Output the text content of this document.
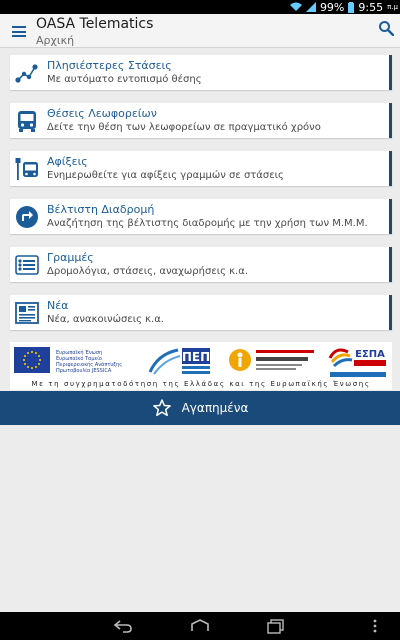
99% 9:55 π.μ
OASA Telematics
Αρχική
Πλησιέστερες Στάσεις
Με αυτόματο εντοπισμό θέσης
Θέσεις Λεωφορείων
Δείτε την θέση των λεωφορείων σε πραγματικό χρόνο
Αφίξεις
Ενημερωθείτε για αφίξεις γραμμών σε στάσεις
Βέλτιστη Διαδρομή
Αναζήτηση της βέλτιστης διαδρομής με την χρήση των Μ.Μ.Μ.
Γραμμές
Δρομολόγια, στάσεις, αναχωρήσεις κ.α.
Νέα
Νέα, ανακοινώσεις κ.α.
Ευρωπαϊκή Ένωση
Ευρωπαϊκό Ταμείο
Περιφερειακής Ανάπτυξης
Πρωτοβουλία JESSICA
ΠΕΠ	ΕΣΠΑ
Με τη συγχρηματοδότηση της Ελλάδας και της Ευρωπαϊκής Ένωσης
Αγαπημένα
